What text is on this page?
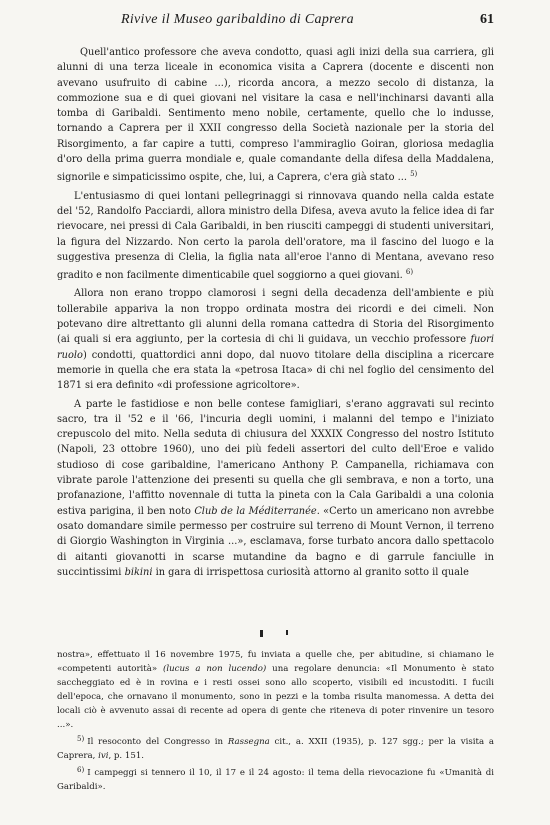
Rivive il Museo garibaldino di Caprera	61

Quell'antico professore che aveva condotto, quasi agli inizi della sua carriera, gli alunni di una terza liceale in economica visita a Caprera (docente e discenti non avevano usufruito di cabine ...), ricorda ancora, a mezzo secolo di distanza, la commozione sua e di quei giovani nel visitare la casa e nell'inchinarsi davanti alla tomba di Garibaldi. Sentimento meno nobile, certamente, quello che lo indusse, tornando a Caprera per il XXII congresso della Società nazionale per la storia del Risorgimento, a far capire a tutti, compreso l'ammiraglio Goiran, gloriosa medaglia d'oro della prima guerra mondiale e, quale comandante della difesa della Maddalena, signorile e simpaticissimo ospite, che, lui, a Caprera, c'era già stato ... $^{5)}$

L'entusiasmo di quei lontani pellegrinaggi si rinnovava quando nella calda estate del '52, Randolfo Pacciardi, allora ministro della Difesa, aveva avuto la felice idea di far rievocare, nei pressi di Cala Garibaldi, in ben riusciti campeggi di studenti universitari, la figura del Nizzardo. Non certo la parola dell'oratore, ma il fascino del luogo e la suggestiva presenza di Clelia, la figlia nata all'eroe l'anno di Mentana, avevano reso gradito e non facilmente dimenticabile quel soggiorno a quei giovani. $^{6)}$

Allora non erano troppo clamorosi i segni della decadenza dell'ambiente e più tollerabile appariva la non troppo ordinata mostra dei ricordi e dei cimeli. Non potevano dire altrettanto gli alunni della romana cattedra di Storia del Risorgimento (ai quali si era aggiunto, per la cortesia di chi li guidava, un vecchio professore fuori ruolo) condotti, quattordici anni dopo, dal nuovo titolare della disciplina a ricercare memorie in quella che era stata la «petrosa Itaca» di chi nel foglio del censimento del 1871 si era definito «di professione agricoltore».

A parte le fastidiose e non belle contese famigliari, s'erano aggravati sul recinto sacro, tra il '52 e il '66, l'incuria degli uomini, i malanni del tempo e l'iniziato crepuscolo del mito. Nella seduta di chiusura del XXXIX Congresso del nostro Istituto (Napoli, 23 ottobre 1960), uno dei più fedeli assertori del culto dell'Eroe e valido studioso di cose garibaldine, l'americano Anthony P. Campanella, richiamava con vibrate parole l'attenzione dei presenti su quella che gli sembrava, e non a torto, una profanazione, l'affitto novennale di tutta la pineta con la Cala Garibaldi a una colonia estiva parigina, il ben noto Club de la Méditerranée. «Certo un americano non avrebbe osato domandare simile permesso per costruire sul terreno di Mount Vernon, il terreno di Giorgio Washington in Virginia ...», esclamava, forse turbato ancora dallo spettacolo di aitanti giovanotti in scarse mutandine da bagno e di garrule fanciulle in succintissimi bikini in gara di irrispettosa curiosità attorno al granito sotto il quale

nostra», effettuato il 16 novembre 1975, fu inviata a quelle che, per abitudine, si chiamano le «competenti autorità» (lucus a non lucendo) una regolare denuncia: «Il Monumento è stato saccheggiato ed è in rovina e i resti ossei sono allo scoperto, visibili ed incustoditi. I fucili dell'epoca, che ornavano il monumento, sono in pezzi e la tomba risulta manomessa. A detta dei locali ciò è avvenuto assai di recente ad opera di gente che riteneva di poter rinvenire un tesoro ...».

$^{5)}$ Il resoconto del Congresso in Rassegna cit., a. XXII (1935), p. 127 sgg.; per la visita a Caprera, ivi, p. 151.

$^{6)}$ I campeggi si tennero il 10, il 17 e il 24 agosto: il tema della rievocazione fu «Umanità di Garibaldi».
